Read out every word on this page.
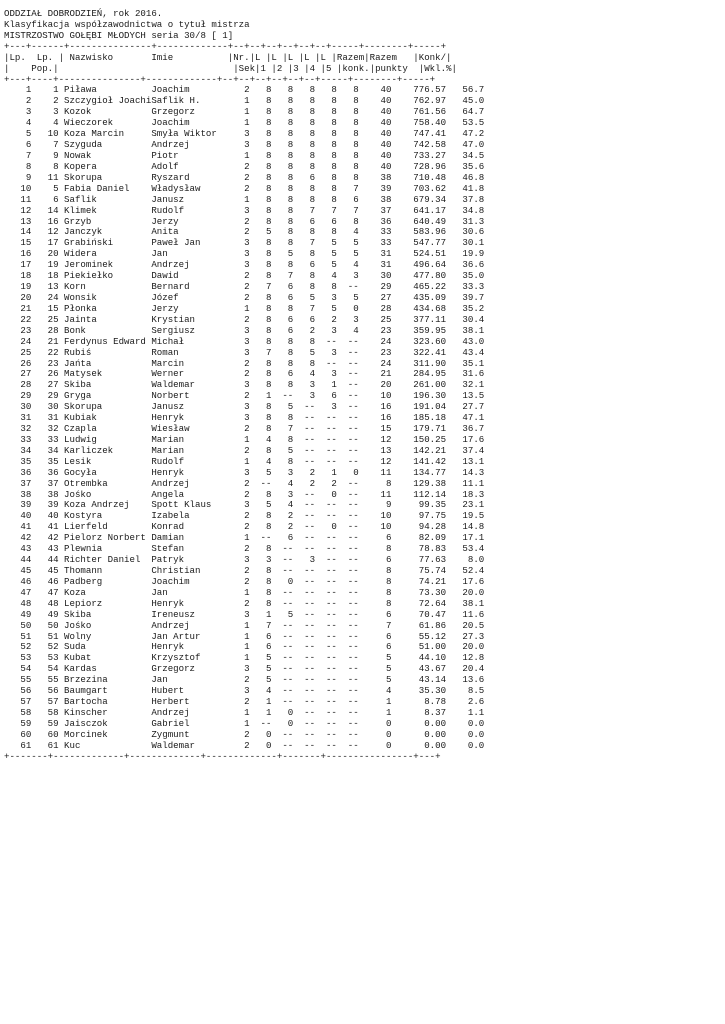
ODDZIAŁ DOBRODZIEŃ, rok 2016.
Klasyfikacja współzawodnictwa o tytuł mistrza
MISTRZOSTWO GOŁĘBI MŁODYCH seria 30/8 [ 1]
+---+------+---------------+-------------+--+--+--+--+--+--+-----+--------+-----+
|Lp.  Lp. | Nazwisko       Imie          |Nr.|L |L |L |L |L |Razem|Razem   |Konk/|
|    Pop.|                                |Sek|1 |2 |3 |4 |5 |konk.|punkty  |Wkl.%|
+---+----+---------------+-------------+--+--+--+--+--+--+-----+--------+-----+
1    1 Piława          Joachim          2   8   8   8   8   8    40    776.57   56.7
2    2 Szczygioł JoachiSaflik H.        1   8   8   8   8   8    40    762.97   45.0
3    3 Kozok           Grzegorz         1   8   8   8   8   8    40    761.56   64.7
4    4 Wieczorek       Joachim          1   8   8   8   8   8    40    758.40   53.5
5   10 Koza Marcin     Smyła Wiktor     3   8   8   8   8   8    40    747.41   47.2
6    7 Szyguda         Andrzej          3   8   8   8   8   8    40    742.58   47.0
7    9 Nowak           Piotr            1   8   8   8   8   8    40    733.27   34.5
8    8 Kopera          Adolf            2   8   8   8   8   8    40    728.96   35.6
9   11 Skorupa         Ryszard          2   8   8   6   8   8    38    710.48   46.8
10    5 Fabia Daniel    Władysław        2   8   8   8   8   7    39    703.62   41.8
11    6 Saflik          Janusz           1   8   8   8   8   6    38    679.34   37.8
12   14 Klimek          Rudolf           3   8   8   7   7   7    37    641.17   34.8
13   16 Grzyb           Jerzy            2   8   8   6   6   8    36    640.49   31.3
14   12 Janczyk         Anita            2   5   8   8   8   4    33    583.96   30.6
15   17 Grabiński       Paweł Jan        3   8   8   7   5   5    33    547.77   30.1
16   20 Widera          Jan              3   8   5   8   5   5    31    524.51   19.9
17   19 Jerominek       Andrzej          3   8   8   6   5   4    31    496.64   36.6
18   18 Piekiełko       Dawid            2   8   7   8   4   3    30    477.80   35.0
19   13 Korn            Bernard          2   7   6   8   8  --    29    465.22   33.3
20   24 Wonsik          Józef            2   8   6   5   3   5    27    435.09   39.7
21   15 Płonka          Jerzy            1   8   8   7   5   0    28    434.68   35.2
22   25 Jainta          Krystian         2   8   6   6   2   3    25    377.11   30.4
23   28 Bonk            Sergiusz         3   8   6   2   3   4    23    359.95   38.1
24   21 Ferdynus Edward Michał           3   8   8   8  --  --    24    323.60   43.0
25   22 Rubiś           Roman            3   7   8   5   3  --    23    322.41   43.4
26   23 Jańta           Marcin           2   8   8   8  --  --    24    311.90   35.1
27   26 Matysek         Werner           2   8   6   4   3  --    21    284.95   31.6
28   27 Skiba           Waldemar         3   8   8   3   1  --    20    261.00   32.1
29   29 Gryga           Norbert          2   1  --   3   6  --    10    196.30   13.5
30   30 Skorupa         Janusz           3   8   5  --   3  --    16    191.04   27.7
31   31 Kubiak          Henryk           3   8   8  --  --  --    16    185.18   47.1
32   32 Czapla          Wiesław          2   8   7  --  --  --    15    179.71   36.7
33   33 Ludwig          Marian           1   4   8  --  --  --    12    150.25   17.6
34   34 Karliczek       Marian           2   8   5  --  --  --    13    142.21   37.4
35   35 Lesik           Rudolf           1   4   8  --  --  --    12    141.42   13.1
36   36 Gocyła          Henryk           3   5   3   2   1   0    11    134.77   14.3
37   37 Otrembka        Andrzej          2  --   4   2   2  --     8    129.38   11.1
38   38 Jośko           Angela           2   8   3  --   0  --    11    112.14   18.3
39   39 Koza Andrzej    Spott Klaus      3   5   4  --  --  --     9     99.35   23.1
40   40 Kostyra         Izabela          2   8   2  --  --  --    10     97.75   19.5
41   41 Lierfeld        Konrad           2   8   2  --   0  --    10     94.28   14.8
42   42 Pielorz Norbert Damian           1  --   6  --  --  --     6     82.09   17.1
43   43 Plewnia         Stefan           2   8  --  --  --  --     8     78.83   53.4
44   44 Richter Daniel  Patryk           3   3  --   3  --  --     6     77.63    8.0
45   45 Thomann         Christian        2   8  --  --  --  --     8     75.74   52.4
46   46 Padberg         Joachim          2   8   0  --  --  --     8     74.21   17.6
47   47 Koza            Jan              1   8  --  --  --  --     8     73.30   20.0
48   48 Lepiorz         Henryk           2   8  --  --  --  --     8     72.64   38.1
49   49 Skiba           Ireneusz         3   1   5  --  --  --     6     70.47   11.6
50   50 Jośko           Andrzej          1   7  --  --  --  --     7     61.86   20.5
51   51 Wolny           Jan Artur        1   6  --  --  --  --     6     55.12   27.3
52   52 Suda            Henryk           1   6  --  --  --  --     6     51.00   20.0
53   53 Kubat           Krzysztof        1   5  --  --  --  --     5     44.10   12.8
54   54 Kardas          Grzegorz         3   5  --  --  --  --     5     43.67   20.4
55   55 Brzezina        Jan              2   5  --  --  --  --     5     43.14   13.6
56   56 Baumgart        Hubert           3   4  --  --  --  --     4     35.30    8.5
57   57 Bartocha        Herbert          2   1  --  --  --  --     1      8.78    2.6
58   58 Kinscher        Andrzej          1   1   0  --  --  --     1      8.37    1.1
59   59 Jaisczok        Gabriel          1  --   0  --  --  --     0      0.00    0.0
60   60 Morcinek        Zygmunt          2   0  --  --  --  --     0      0.00    0.0
61   61 Kuc             Waldemar         2   0  --  --  --  --     0      0.00    0.0
+-------+-------------+-------------+-------------+-------+----------------+---+
